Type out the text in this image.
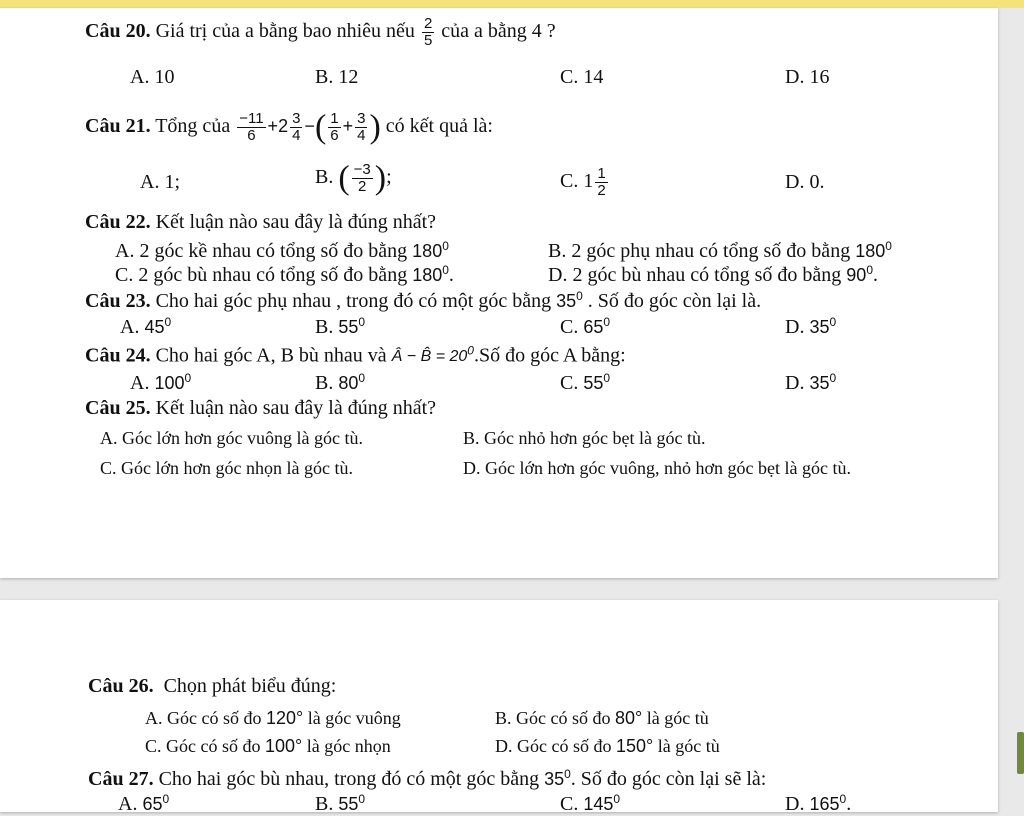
Câu 20. Giá trị của a bằng bao nhiêu nếu $\frac{2}{5}$ của a bằng 4 ?
A. 10	B. 12	C. 14	D. 16
Câu 21. Tổng của $\frac{-11}{6} +2 \frac{3}{4}$ −( $\frac{1}{6} + \frac{3}{4}$ ) có kết quả là:
A. 1;	B. ( $\frac{-3}{2}$ );	C. $1 \frac{1}{2}$	D. 0.
Câu 22. Kết luận nào sau đây là đúng nhất?
A. 2 góc kề nhau có tổng số đo bằng $180^0$	B. 2 góc phụ nhau có tổng số đo bằng $180^0$
C. 2 góc bù nhau có tổng số đo bằng $180^0$.	D. 2 góc bù nhau có tổng số đo bằng $90^0$.
Câu 23. Cho hai góc phụ nhau , trong đó có một góc bằng $35^0$ . Số đo góc còn lại là.
A. $45^0$	B. $55^0$	C. $65^0$	D. $35^0$
Câu 24. Cho hai góc A, B bù nhau và Â − B̂ = $20^0.Số$ đo góc A bằng:
A. $100^0$	B. $80^0$	C. $55^0$	D. $35^0$
Câu 25. Kết luận nào sau đây là đúng nhất?
A. Góc lớn hơn góc vuông là góc tù.	B. Góc nhỏ hơn góc bẹt là góc tù.
C. Góc lớn hơn góc nhọn là góc tù.	D. Góc lớn hơn góc vuông, nhỏ hơn góc bẹt là góc tù.
Câu 26. Chọn phát biểu đúng:
A. Góc có số đo 120° là góc vuông	B. Góc có số đo 80° là góc tù
C. Góc có số đo 100° là góc nhọn	D. Góc có số đo 150° là góc tù
Câu 27. Cho hai góc bù nhau, trong đó có một góc bằng $35^0$. Số đo góc còn lại sẽ là:
A. $65^0$	B. $55^0$	C. $145^0$	D. $165^0$.
